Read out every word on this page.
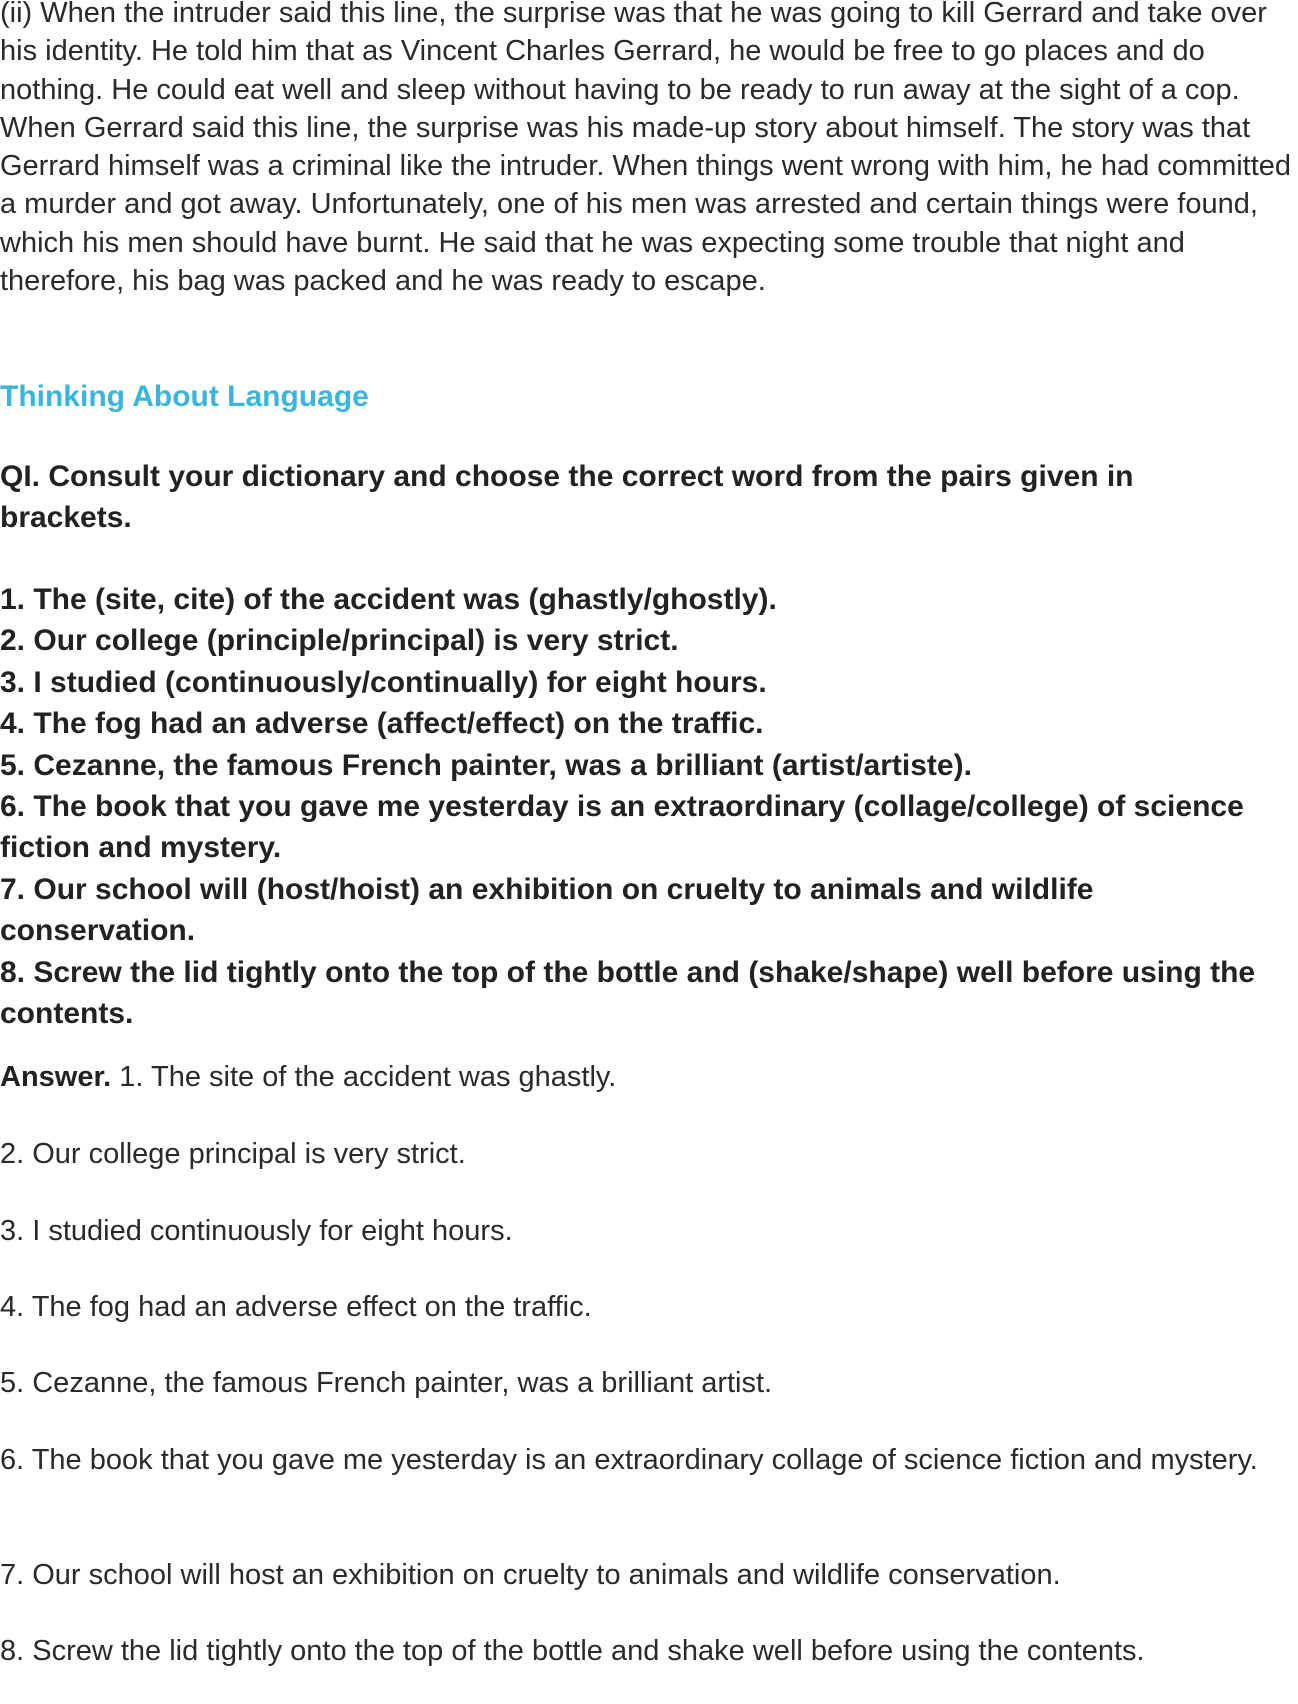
(ii) When the intruder said this line, the surprise was that he was going to kill Gerrard and take over his identity. He told him that as Vincent Charles Gerrard, he would be free to go places and do nothing. He could eat well and sleep without having to be ready to run away at the sight of a cop. When Gerrard said this line, the surprise was his made-up story about himself. The story was that Gerrard himself was a criminal like the intruder. When things went wrong with him, he had committed a murder and got away. Unfortunately, one of his men was arrested and certain things were found, which his men should have burnt. He said that he was expecting some trouble that night and therefore, his bag was packed and he was ready to escape.

Thinking About Language

QI. Consult your dictionary and choose the correct word from the pairs given in brackets.

1. The (site, cite) of the accident was (ghastly/ghostly).
2. Our college (principle/principal) is very strict.
3. I studied (continuously/continually) for eight hours.
4. The fog had an adverse (affect/effect) on the traffic.
5. Cezanne, the famous French painter, was a brilliant (artist/artiste).
6. The book that you gave me yesterday is an extraordinary (collage/college) of science fiction and mystery.
7. Our school will (host/hoist) an exhibition on cruelty to animals and wildlife conservation.
8. Screw the lid tightly onto the top of the bottle and (shake/shape) well before using the contents.

Answer. 1. The site of the accident was ghastly.

2. Our college principal is very strict.

3. I studied continuously for eight hours.

4. The fog had an adverse effect on the traffic.

5. Cezanne, the famous French painter, was a brilliant artist.

6. The book that you gave me yesterday is an extraordinary collage of science fiction and mystery.

7. Our school will host an exhibition on cruelty to animals and wildlife conservation.

8. Screw the lid tightly onto the top of the bottle and shake well before using the contents.
